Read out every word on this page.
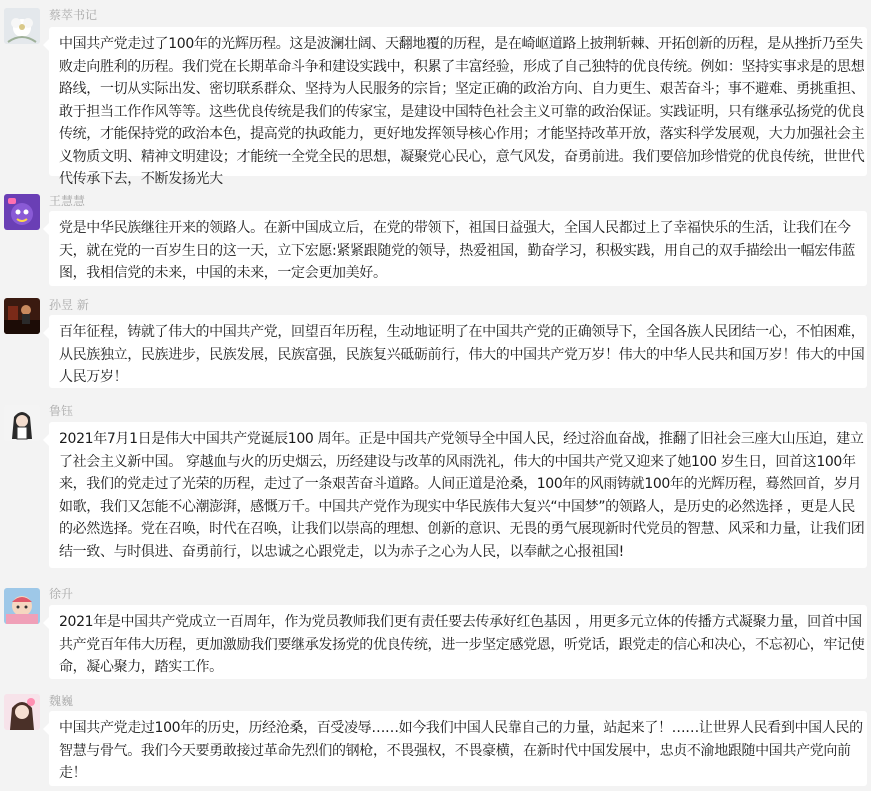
蔡萃书记
中国共产党走过了100年的光辉历程。这是波澜壮阔、天翻地覆的历程，是在崎岖道路上披荆斩棘、开拓创新的历程，是从挫折乃至失败走向胜利的历程。我们党在长期革命斗争和建设实践中，积累了丰富经验，形成了自己独特的优良传统。例如：坚持实事求是的思想路线，一切从实际出发、密切联系群众、坚持为人民服务的宗旨；坚定正确的政治方向、自力更生、艰苦奋斗；事不避难、勇挑重担、敢于担当工作作风等等。这些优良传统是我们的传家宝，是建设中国特色社会主义可靠的政治保证。实践证明，只有继承弘扬党的优良传统，才能保持党的政治本色，提高党的执政能力，更好地发挥领导核心作用；才能坚持改革开放，落实科学发展观，大力加强社会主义物质文明、精神文明建设；才能统一全党全民的思想，凝聚党心民心，意气风发，奋勇前进。我们要倍加珍惜党的优良传统，世世代代传承下去，不断发扬光大
王慧慧
党是中华民族继往开来的领路人。在新中国成立后，在党的带领下，祖国日益强大，全国人民都过上了幸福快乐的生活，让我们在今天，就在党的一百岁生日的这一天，立下宏愿:紧紧跟随党的领导，热爱祖国，勤奋学习，积极实践，用自己的双手描绘出一幅宏伟蓝图，我相信党的未来，中国的未来，一定会更加美好。
孙昱 新
百年征程，铸就了伟大的中国共产党，回望百年历程，生动地证明了在中国共产党的正确领导下，全国各族人民团结一心，不怕困难，从民族独立，民族进步，民族发展，民族富强，民族复兴砥砺前行，伟大的中国共产党万岁！伟大的中华人民共和国万岁！伟大的中国人民万岁！
鲁钰
2021年7月1日是伟大中国共产党诞辰100 周年。正是中国共产党领导全中国人民，经过浴血奋战，推翻了旧社会三座大山压迫，建立了社会主义新中国。 穿越血与火的历史烟云，历经建设与改革的风雨洗礼，伟大的中国共产党又迎来了她100 岁生日，回首这100年来，我们的党走过了光荣的历程，走过了一条艰苦奋斗道路。人间正道是沧桑，100年的风雨铸就100年的光辉历程，蓦然回首，岁月如歌，我们又怎能不心潮澎湃，感慨万千。中国共产党作为现实中华民族伟大复兴“中国梦”的领路人，是历史的必然选择 ，更是人民的必然选择。党在召唤，时代在召唤，让我们以崇高的理想、创新的意识、无畏的勇气展现新时代党员的智慧、风采和力量，让我们团结一致、与时俱进、奋勇前行，以忠诚之心跟党走，以为赤子之心为人民，以奉献之心报祖国!
徐升
2021年是中国共产党成立一百周年，作为党员教师我们更有责任要去传承好红色基因 ，用更多元立体的传播方式凝聚力量，回首中国共产党百年伟大历程，更加激励我们要继承发扬党的优良传统，进一步坚定感党恩，听党话，跟党走的信心和决心，不忘初心，牢记使命，凝心聚力，踏实工作。
魏巍
中国共产党走过100年的历史，历经沧桑，百受凌辱……如今我们中国人民靠自己的力量，站起来了！……让世界人民看到中国人民的智慧与骨气。我们今天要勇敢接过革命先烈们的钢枪，不畏强权，不畏豪横，在新时代中国发展中，忠贞不渝地跟随中国共产党向前走！
